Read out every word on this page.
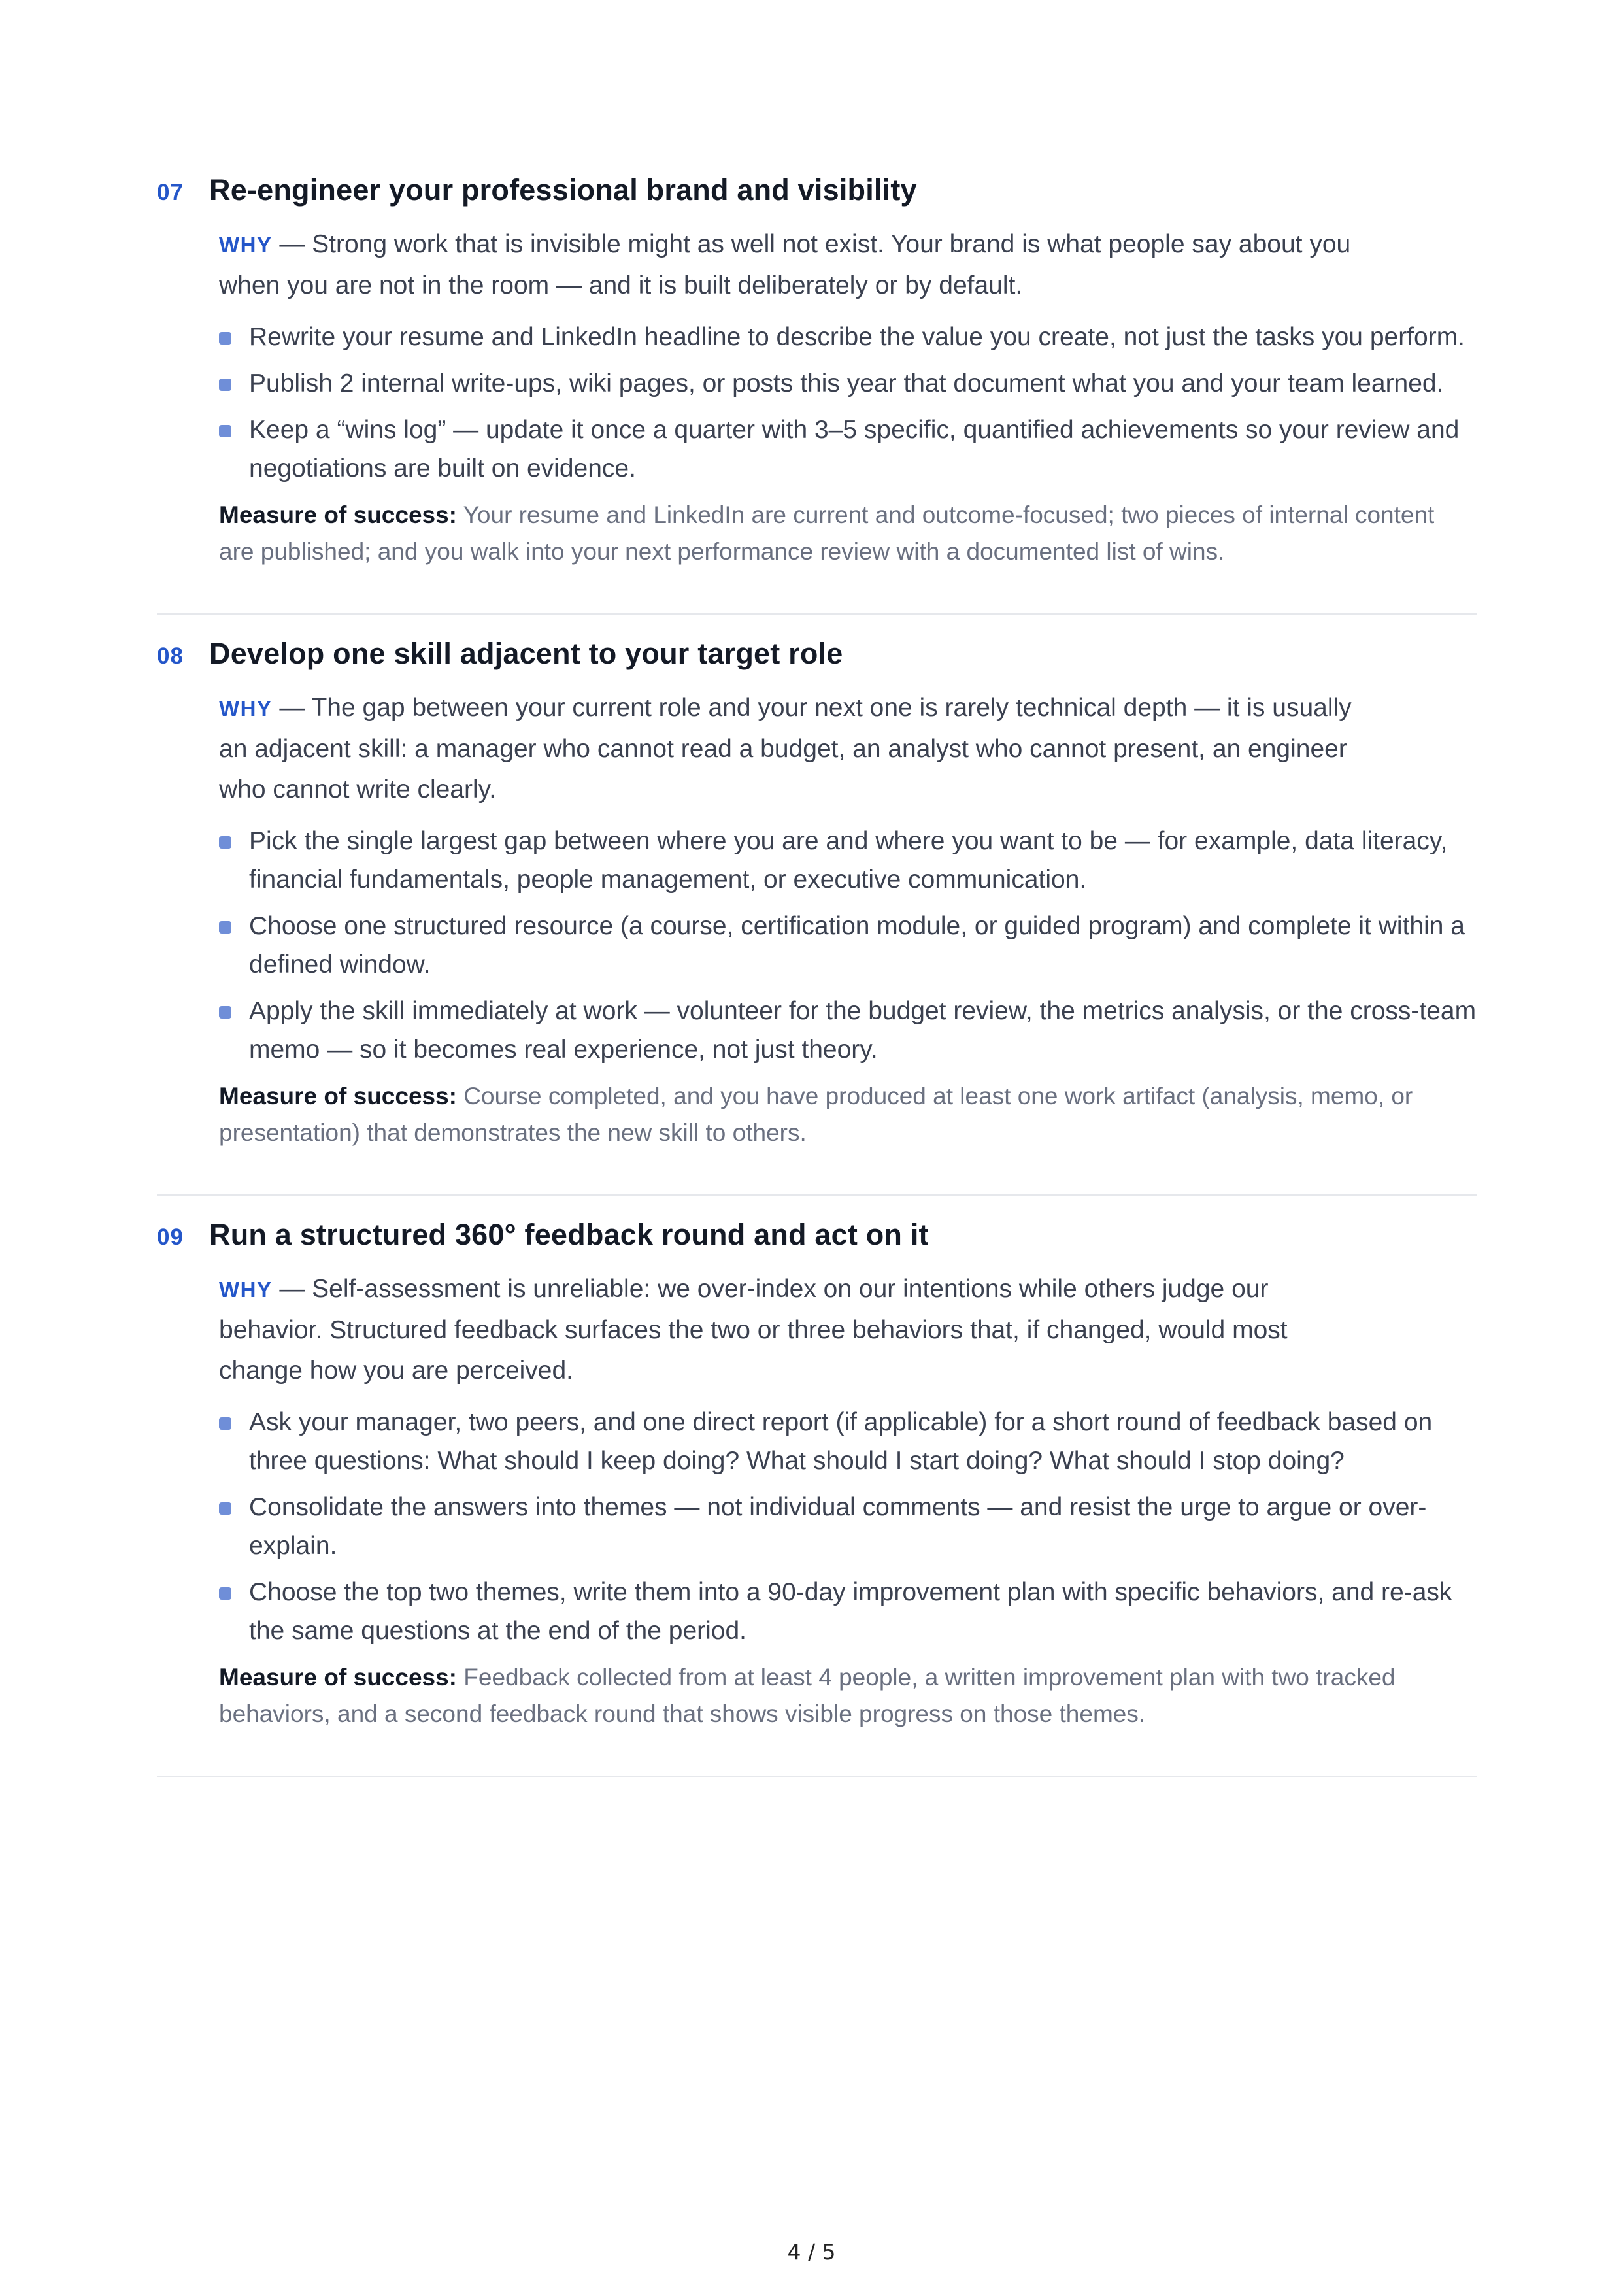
07 Re-engineer your professional brand and visibility

WHY — Strong work that is invisible might as well not exist. Your brand is what people say about you when you are not in the room — and it is built deliberately or by default.

Rewrite your resume and LinkedIn headline to describe the value you create, not just the tasks you perform.
Publish 2 internal write-ups, wiki pages, or posts this year that document what you and your team learned.
Keep a “wins log” — update it once a quarter with 3–5 specific, quantified achievements so your review and negotiations are built on evidence.

Measure of success: Your resume and LinkedIn are current and outcome-focused; two pieces of internal content are published; and you walk into your next performance review with a documented list of wins.

08 Develop one skill adjacent to your target role

WHY — The gap between your current role and your next one is rarely technical depth — it is usually an adjacent skill: a manager who cannot read a budget, an analyst who cannot present, an engineer who cannot write clearly.

Pick the single largest gap between where you are and where you want to be — for example, data literacy, financial fundamentals, people management, or executive communication.
Choose one structured resource (a course, certification module, or guided program) and complete it within a defined window.
Apply the skill immediately at work — volunteer for the budget review, the metrics analysis, or the cross-team memo — so it becomes real experience, not just theory.

Measure of success: Course completed, and you have produced at least one work artifact (analysis, memo, or presentation) that demonstrates the new skill to others.

09 Run a structured 360° feedback round and act on it

WHY — Self-assessment is unreliable: we over-index on our intentions while others judge our behavior. Structured feedback surfaces the two or three behaviors that, if changed, would most change how you are perceived.

Ask your manager, two peers, and one direct report (if applicable) for a short round of feedback based on three questions: What should I keep doing? What should I start doing? What should I stop doing?
Consolidate the answers into themes — not individual comments — and resist the urge to argue or over-explain.
Choose the top two themes, write them into a 90-day improvement plan with specific behaviors, and re-ask the same questions at the end of the period.

Measure of success: Feedback collected from at least 4 people, a written improvement plan with two tracked behaviors, and a second feedback round that shows visible progress on those themes.

4 / 5
